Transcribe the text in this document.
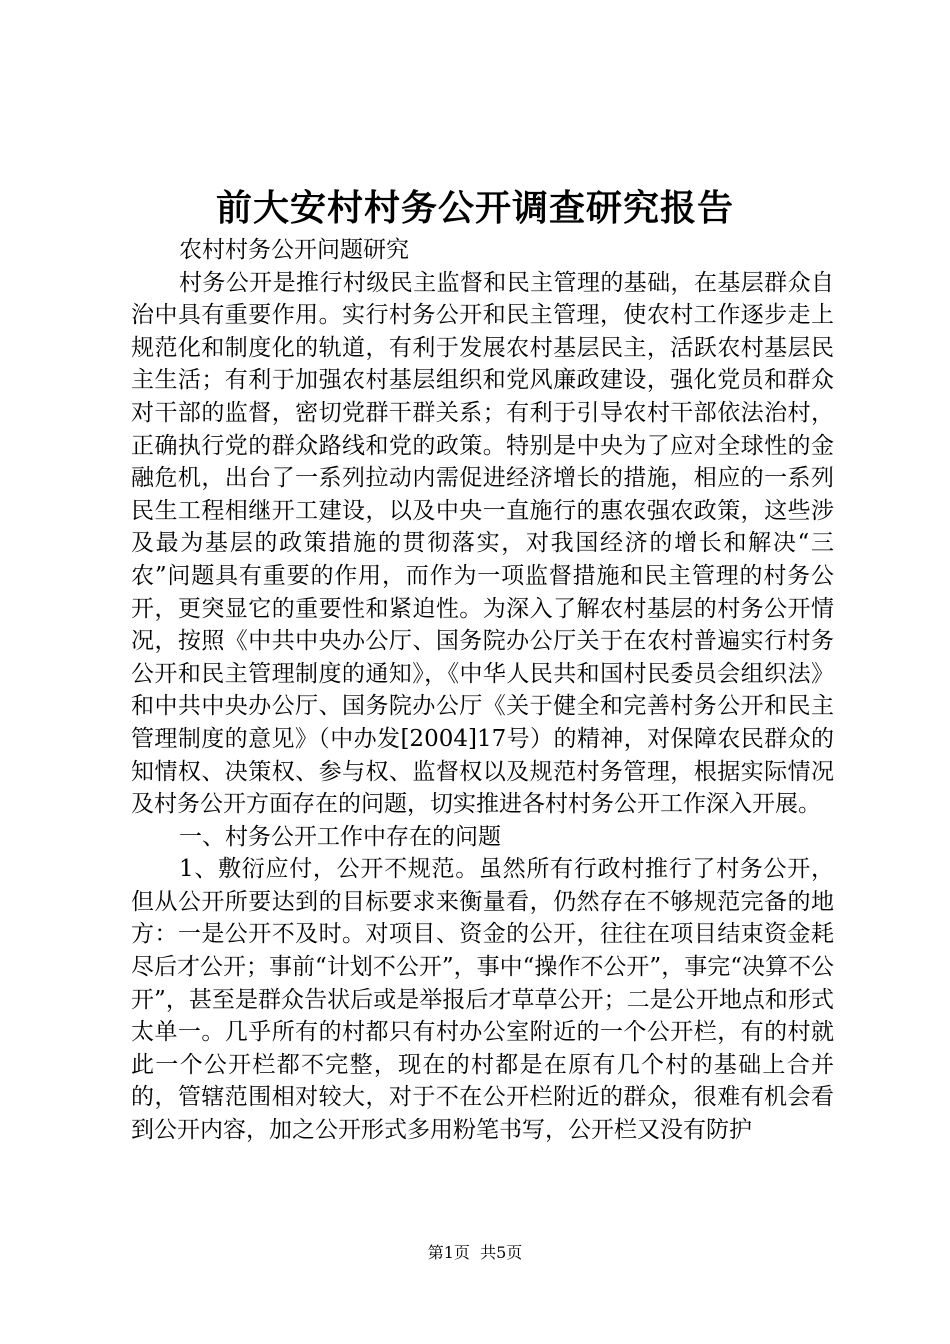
前大安村村务公开调查研究报告

农村村务公开问题研究

村务公开是推行村级民主监督和民主管理的基础，在基层群众自治中具有重要作用。实行村务公开和民主管理，使农村工作逐步走上规范化和制度化的轨道，有利于发展农村基层民主，活跃农村基层民主生活；有利于加强农村基层组织和党风廉政建设，强化党员和群众对干部的监督，密切党群干群关系；有利于引导农村干部依法治村，正确执行党的群众路线和党的政策。特别是中央为了应对全球性的金融危机，出台了一系列拉动内需促进经济增长的措施，相应的一系列民生工程相继开工建设，以及中央一直施行的惠农强农政策，这些涉及最为基层的政策措施的贯彻落实，对我国经济的增长和解决“三农”问题具有重要的作用，而作为一项监督措施和民主管理的村务公开，更突显它的重要性和紧迫性。为深入了解农村基层的村务公开情况，按照《中共中央办公厅、国务院办公厅关于在农村普遍实行村务公开和民主管理制度的通知》，《中华人民共和国村民委员会组织法》和中共中央办公厅、国务院办公厅《关于健全和完善村务公开和民主管理制度的意见》（中办发[2004]17号）的精神，对保障农民群众的知情权、决策权、参与权、监督权以及规范村务管理，根据实际情况及村务公开方面存在的问题，切实推进各村村务公开工作深入开展。

一、村务公开工作中存在的问题

1、敷衍应付，公开不规范。虽然所有行政村推行了村务公开，但从公开所要达到的目标要求来衡量看，仍然存在不够规范完备的地方：一是公开不及时。对项目、资金的公开，往往在项目结束资金耗尽后才公开；事前“计划不公开”，事中“操作不公开”，事完“决算不公开”，甚至是群众告状后或是举报后才草草公开；二是公开地点和形式太单一。几乎所有的村都只有村办公室附近的一个公开栏，有的村就此一个公开栏都不完整，现在的村都是在原有几个村的基础上合并的，管辖范围相对较大，对于不在公开栏附近的群众，很难有机会看到公开内容，加之公开形式多用粉笔书写，公开栏又没有防护

第1页  共5页
